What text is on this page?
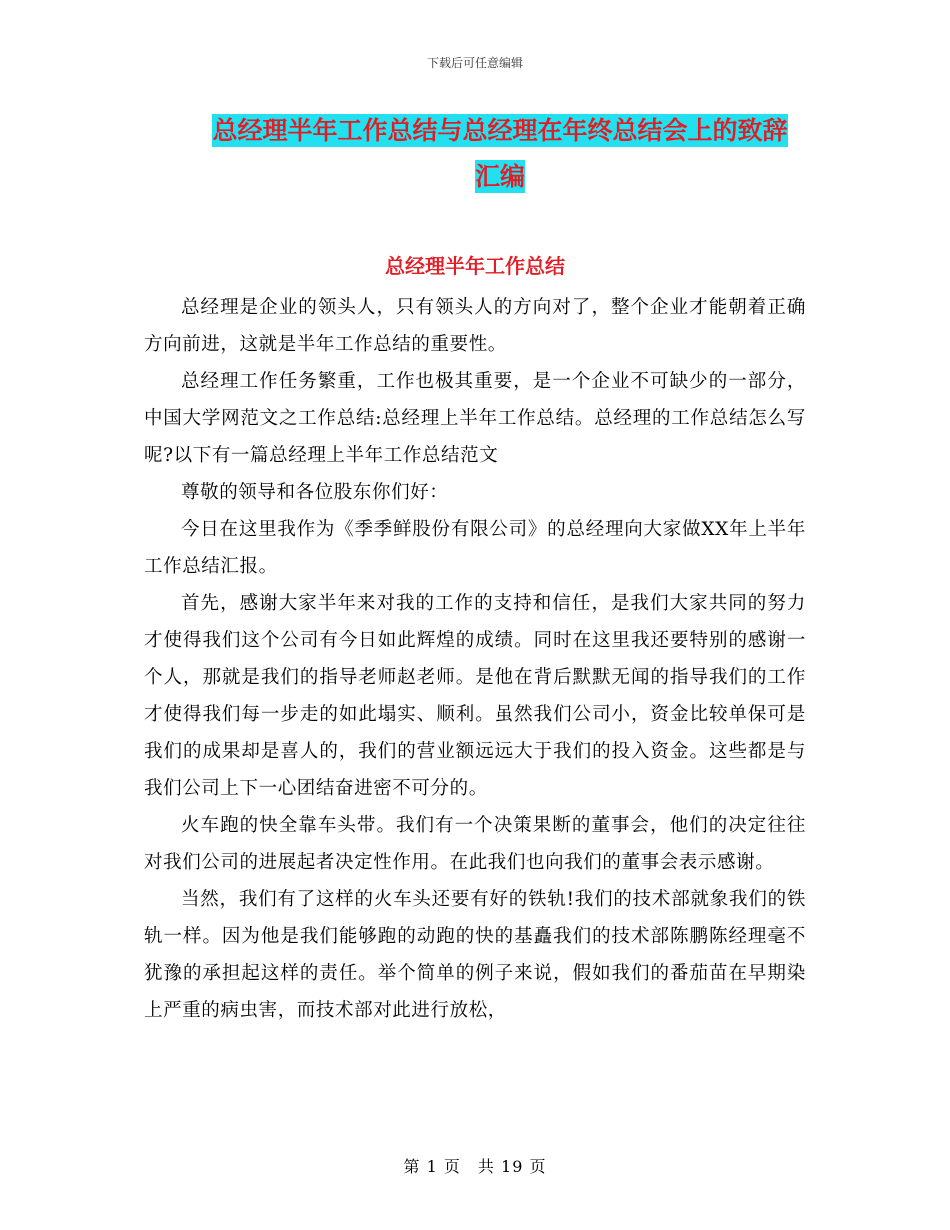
下载后可任意编辑
总经理半年工作总结与总经理在年终总结会上的致辞
汇编
总经理半年工作总结

总经理是企业的领头人，只有领头人的方向对了，整个企业才能朝着正确方向前进，这就是半年工作总结的重要性。

总经理工作任务繁重，工作也极其重要，是一个企业不可缺少的一部分，中国大学网范文之工作总结:总经理上半年工作总结。总经理的工作总结怎么写呢?以下有一篇总经理上半年工作总结范文

尊敬的领导和各位股东你们好：

今日在这里我作为《季季鲜股份有限公司》的总经理向大家做XX年上半年工作总结汇报。

首先，感谢大家半年来对我的工作的支持和信任，是我们大家共同的努力才使得我们这个公司有今日如此辉煌的成绩。同时在这里我还要特别的感谢一个人，那就是我们的指导老师赵老师。是他在背后默默无闻的指导我们的工作才使得我们每一步走的如此塌实、顺利。虽然我们公司小，资金比较单保可是我们的成果却是喜人的，我们的营业额远远大于我们的投入资金。这些都是与我们公司上下一心团结奋进密不可分的。

火车跑的快全靠车头带。我们有一个决策果断的董事会，他们的决定往往对我们公司的进展起者决定性作用。在此我们也向我们的董事会表示感谢。

当然，我们有了这样的火车头还要有好的铁轨!我们的技术部就象我们的铁轨一样。因为他是我们能够跑的动跑的快的基矗我们的技术部陈鹏陈经理毫不犹豫的承担起这样的责任。举个简单的例子来说，假如我们的番茄苗在早期染上严重的病虫害，而技术部对此进行放松，

第 1 页　共 19 页
